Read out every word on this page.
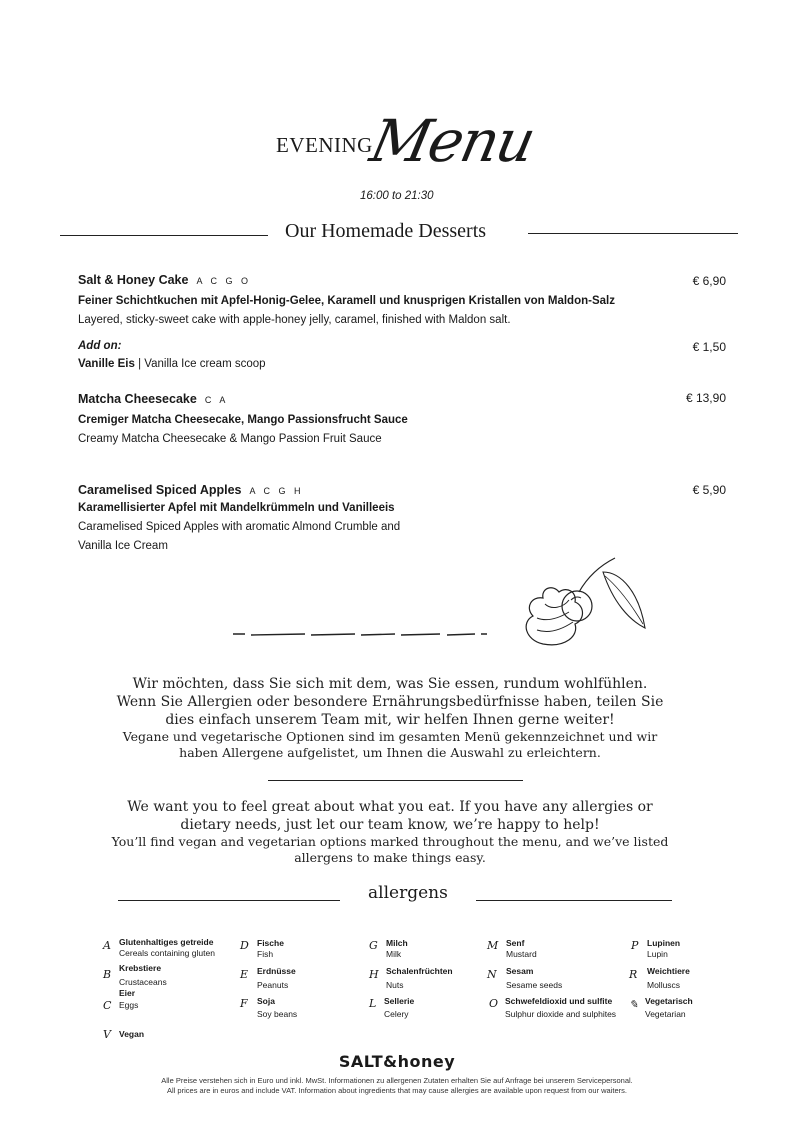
EVENING
Menu
16:00 to 21:30
Our Homemade Desserts
Salt & Honey Cake A C G O	€ 6,90
Feiner Schichtkuchen mit Apfel-Honig-Gelee, Karamell und knusprigen Kristallen von Maldon-Salz
Layered, sticky-sweet cake with apple-honey jelly, caramel, finished with Maldon salt.
Add on:	€ 1,50
Vanille Eis | Vanilla Ice cream scoop
Matcha Cheesecake C A	€ 13,90
Cremiger Matcha Cheesecake, Mango Passionsfrucht Sauce
Creamy Matcha Cheesecake & Mango Passion Fruit Sauce
Caramelised Spiced Apples A C G H	€ 5,90
Karamellisierter Apfel mit Mandelkrümmeln und Vanilleeis
Caramelised Spiced Apples with aromatic Almond Crumble and
Vanilla Ice Cream
Wir möchten, dass Sie sich mit dem, was Sie essen, rundum wohlfühlen. Wenn Sie Allergien oder besondere Ernährungsbedürfnisse haben, teilen Sie dies einfach unserem Team mit, wir helfen Ihnen gerne weiter!
Vegane und vegetarische Optionen sind im gesamten Menü gekennzeichnet und wir haben Allergene aufgelistet, um Ihnen die Auswahl zu erleichtern.
We want you to feel great about what you eat. If you have any allergies or dietary needs, just let our team know, we’re happy to help!
You’ll find vegan and vegetarian options marked throughout the menu, and we’ve listed allergens to make things easy.
allergens
A Glutenhaltiges getreide
Cereals containing gluten
B Krebstiere
Crustaceans
C
Eier
Eggs
V Vegan
D Fische
Fish
E Erdnüsse
Peanuts
F Soja
Soy beans
G Milch
Milk
H Schalenfrüchten
Nuts
L Sellerie
Celery
M Senf
Mustard
N Sesam
Sesame seeds
O Schwefeldioxid und sulfite
Sulphur dioxide and sulphites
P Lupinen
Lupin
R Weichtiere
Molluscs
✎ Vegetarisch
Vegetarian
SALT&honey
Alle Preise verstehen sich in Euro und inkl. MwSt. Informationen zu allergenen Zutaten erhalten Sie auf Anfrage bei unserem Servicepersonal.
All prices are in euros and include VAT. Information about ingredients that may cause allergies are available upon request from our waiters.
